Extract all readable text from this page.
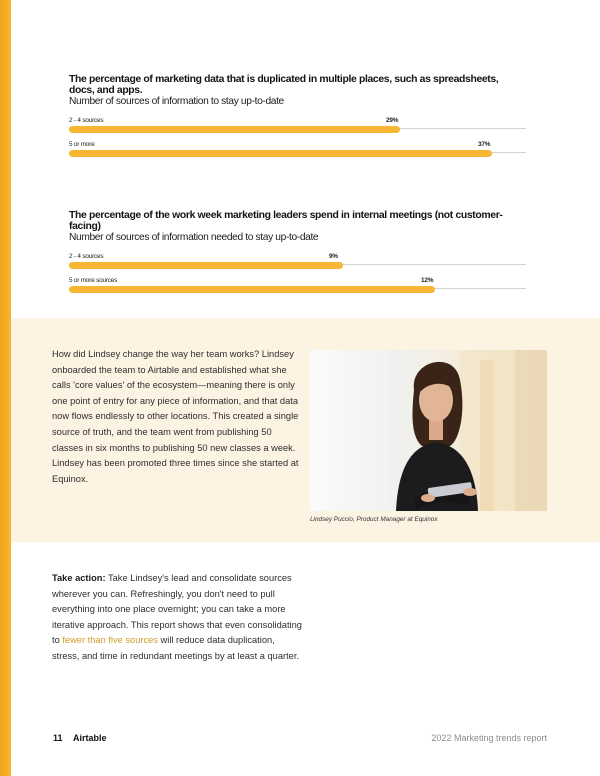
The percentage of marketing data that is duplicated in multiple places, such as spreadsheets, docs, and apps.
Number of sources of information to stay up-to-date
2 - 4 sources	29%
5 or more	37%
The percentage of the work week marketing leaders spend in internal meetings (not customer-facing)
Number of sources of information needed to stay up-to-date
2 - 4 sources	9%
5 or more sources	12%

How did Lindsey change the way her team works? Lindsey onboarded the team to Airtable and established what she calls 'core values' of the ecosystem—meaning there is only one point of entry for any piece of information, and that data now flows endlessly to other locations. This created a single source of truth, and the team went from publishing 50 classes in six months to publishing 50 new classes a week. Lindsey has been promoted three times since she started at Equinox.

Lindsey Puccio, Product Manager at Equinox

Take action: Take Lindsey's lead and consolidate sources wherever you can. Refreshingly, you don't need to pull everything into one place overnight; you can take a more iterative approach. This report shows that even consolidating to fewer than five sources will reduce data duplication, stress, and time in redundant meetings by at least a quarter.

11 Airtable	2022 Marketing trends report
